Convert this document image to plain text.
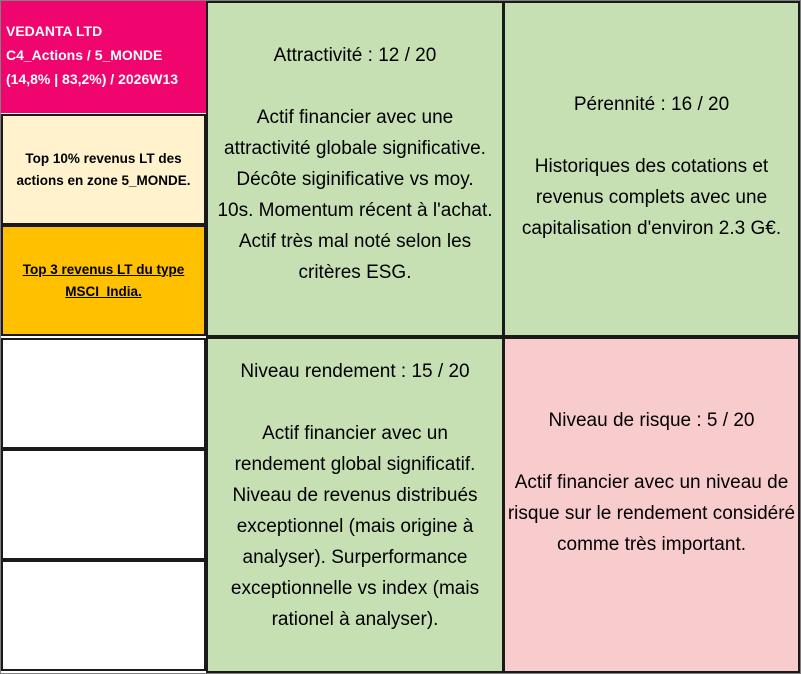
VEDANTA LTD
C4_Actions / 5_MONDE
(14,8% | 83,2%) / 2026W13
Top 10% revenus LT des actions en zone 5_MONDE.
Top 3 revenus LT du type MSCI_India.
Attractivité : 12 / 20
Actif financier avec une attractivité globale significative. Décôte siginificative vs moy. 10s. Momentum récent à l'achat. Actif très mal noté selon les critères ESG.
Pérennité : 16 / 20
Historiques des cotations et revenus complets avec une capitalisation d'environ 2.3 G€.
Niveau rendement : 15 / 20
Actif financier avec un rendement global significatif. Niveau de revenus distribués exceptionnel (mais origine à analyser). Surperformance exceptionnelle vs index (mais rationel à analyser).
Niveau de risque : 5 / 20
Actif financier avec un niveau de risque sur le rendement considéré comme très important.
